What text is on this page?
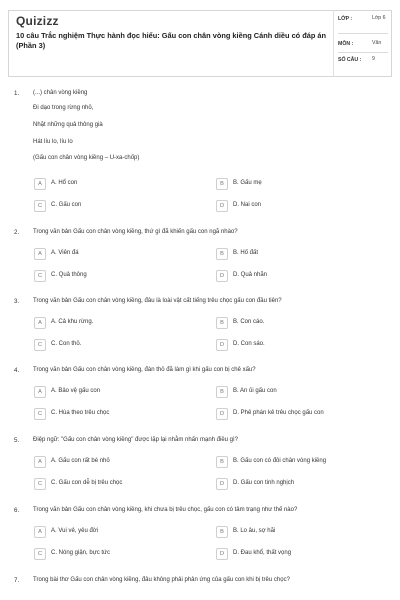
Quizizz
10 câu Trắc nghiệm Thực hành đọc hiểu: Gấu con chân vòng kiềng Cánh diều có đáp án (Phần 3)
LỚP :	Lớp 6
MÔN :	Văn
SỐ CÂU : 9
1. (...) chân vòng kiềng
Đi dạo trong rừng nhỏ,
Nhặt những quả thông già
Hát líu lo, líu lo
(Gấu con chân vòng kiềng – U-xa-chốp)
A	A. Hổ con	B	B. Gấu mẹ
C	C. Gấu con	D	D. Nai con
2. Trong văn bản Gấu con chân vòng kiềng, thứ gì đã khiến gấu con ngã nhào?
A	A. Viên đá	B	B. Hố đất
C	C. Quả thông	D	D. Quả nhãn
3. Trong văn bản Gấu con chân vòng kiềng, đâu là loài vật cất tiếng trêu chọc gấu con đầu tiên?
A	A. Cả khu rừng.	B	B. Con cáo.
C	C. Con thỏ.	D	D. Con sáo.
4. Trong văn bản Gấu con chân vòng kiềng, đàn thỏ đã làm gì khi gấu con bị chê xấu?
A	A. Bảo vệ gấu con	B	B. An ủi gấu con
C	C. Hùa theo trêu chọc	D	D. Phê phán kẻ trêu chọc gấu con
5. Điệp ngữ: "Gấu con chân vòng kiềng" được lặp lại nhằm nhấn mạnh điều gì?
A	A. Gấu con rất bé nhỏ	B	B. Gấu con có đôi chân vòng kiềng
C	C. Gấu con dễ bị trêu chọc	D	D. Gấu con tinh nghịch
6. Trong văn bản Gấu con chân vòng kiềng, khi chưa bị trêu chọc, gấu con có tâm trạng như thế nào?
A	A. Vui vẻ, yêu đời	B	B. Lo âu, sợ hãi
C	C. Nóng giận, bực tức	D	D. Đau khổ, thất vọng
7. Trong bài thơ Gấu con chân vòng kiềng, đâu không phải phản ứng của gấu con khi bị trêu chọc?
